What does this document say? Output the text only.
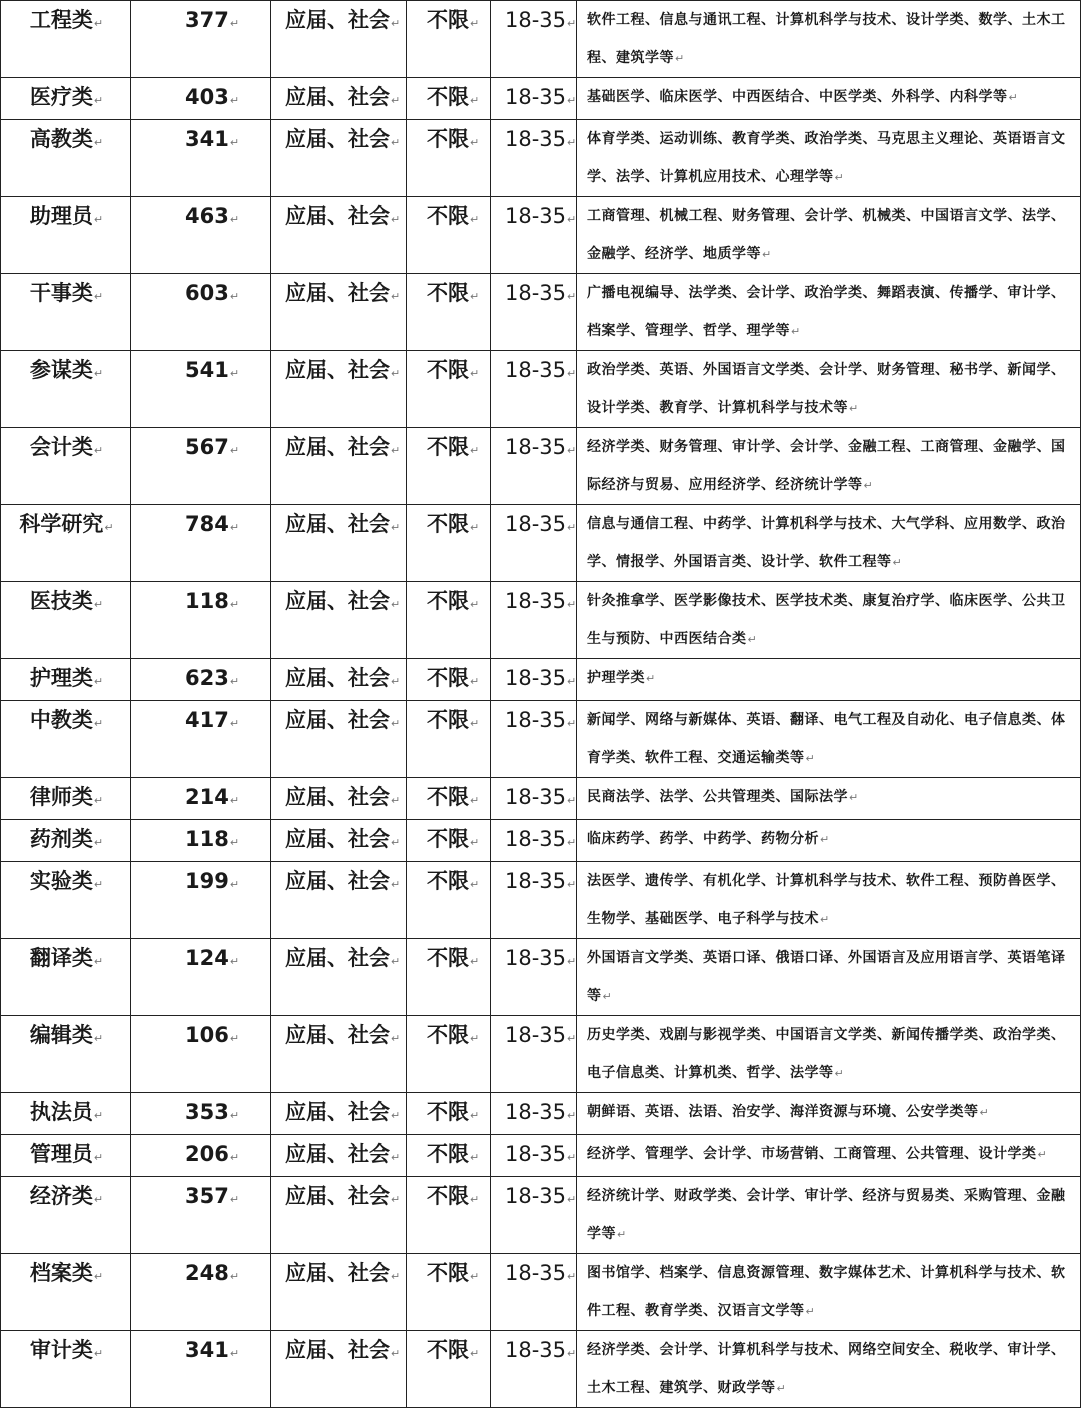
工程类↵	377↵	应届、社会↵	不限↵	18-35↵	软件工程、信息与通讯工程、计算机科学与技术、设计学类、数学、土木工程、建筑学等↵

医疗类↵	403↵	应届、社会↵	不限↵	18-35↵	基础医学、临床医学、中西医结合、中医学类、外科学、内科学等↵

高教类↵	341↵	应届、社会↵	不限↵	18-35↵	体育学类、运动训练、教育学类、政治学类、马克思主义理论、英语语言文学、法学、计算机应用技术、心理学等↵

助理员↵	463↵	应届、社会↵	不限↵	18-35↵	工商管理、机械工程、财务管理、会计学、机械类、中国语言文学、法学、金融学、经济学、地质学等↵

干事类↵	603↵	应届、社会↵	不限↵	18-35↵	广播电视编导、法学类、会计学、政治学类、舞蹈表演、传播学、审计学、档案学、管理学、哲学、理学等↵

参谋类↵	541↵	应届、社会↵	不限↵	18-35↵	政治学类、英语、外国语言文学类、会计学、财务管理、秘书学、新闻学、设计学类、教育学、计算机科学与技术等↵

会计类↵	567↵	应届、社会↵	不限↵	18-35↵	经济学类、财务管理、审计学、会计学、金融工程、工商管理、金融学、国际经济与贸易、应用经济学、经济统计学等↵

科学研究↵	784↵	应届、社会↵	不限↵	18-35↵	信息与通信工程、中药学、计算机科学与技术、大气学科、应用数学、政治学、情报学、外国语言类、设计学、软件工程等↵

医技类↵	118↵	应届、社会↵	不限↵	18-35↵	针灸推拿学、医学影像技术、医学技术类、康复治疗学、临床医学、公共卫生与预防、中西医结合类↵

护理类↵	623↵	应届、社会↵	不限↵	18-35↵	护理学类↵

中教类↵	417↵	应届、社会↵	不限↵	18-35↵	新闻学、网络与新媒体、英语、翻译、电气工程及自动化、电子信息类、体育学类、软件工程、交通运输类等↵

律师类↵	214↵	应届、社会↵	不限↵	18-35↵	民商法学、法学、公共管理类、国际法学↵

药剂类↵	118↵	应届、社会↵	不限↵	18-35↵	临床药学、药学、中药学、药物分析↵

实验类↵	199↵	应届、社会↵	不限↵	18-35↵	法医学、遗传学、有机化学、计算机科学与技术、软件工程、预防兽医学、生物学、基础医学、电子科学与技术↵

翻译类↵	124↵	应届、社会↵	不限↵	18-35↵	外国语言文学类、英语口译、俄语口译、外国语言及应用语言学、英语笔译等↵

编辑类↵	106↵	应届、社会↵	不限↵	18-35↵	历史学类、戏剧与影视学类、中国语言文学类、新闻传播学类、政治学类、电子信息类、计算机类、哲学、法学等↵

执法员↵	353↵	应届、社会↵	不限↵	18-35↵	朝鲜语、英语、法语、治安学、海洋资源与环境、公安学类等↵

管理员↵	206↵	应届、社会↵	不限↵	18-35↵	经济学、管理学、会计学、市场营销、工商管理、公共管理、设计学类↵

经济类↵	357↵	应届、社会↵	不限↵	18-35↵	经济统计学、财政学类、会计学、审计学、经济与贸易类、采购管理、金融学等↵

档案类↵	248↵	应届、社会↵	不限↵	18-35↵	图书馆学、档案学、信息资源管理、数字媒体艺术、计算机科学与技术、软件工程、教育学类、汉语言文学等↵

审计类↵	341↵	应届、社会↵	不限↵	18-35↵	经济学类、会计学、计算机科学与技术、网络空间安全、税收学、审计学、土木工程、建筑学、财政学等↵
